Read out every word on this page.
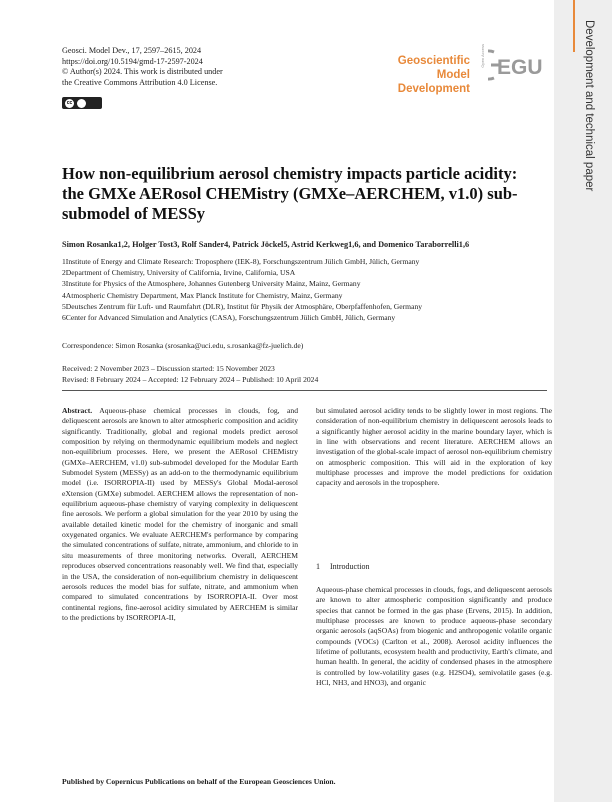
Development and technical paper
Geosci. Model Dev., 17, 2597–2615, 2024
https://doi.org/10.5194/gmd-17-2597-2024
© Author(s) 2024. This work is distributed under
the Creative Commons Attribution 4.0 License.
cc
Geoscientific
Model Development
Open Access EGU
How non-equilibrium aerosol chemistry impacts particle acidity: the GMXe AERosol CHEMistry (GMXe–AERCHEM, v1.0) sub-submodel of MESSy
Simon Rosanka1,2, Holger Tost3, Rolf Sander4, Patrick Jöckel5, Astrid Kerkweg1,6, and Domenico Taraborrelli1,6
1Institute of Energy and Climate Research: Troposphere (IEK-8), Forschungszentrum Jülich GmbH, Jülich, Germany
2Department of Chemistry, University of California, Irvine, California, USA
3Institute for Physics of the Atmosphere, Johannes Gutenberg University Mainz, Mainz, Germany
4Atmospheric Chemistry Department, Max Planck Institute for Chemistry, Mainz, Germany
5Deutsches Zentrum für Luft- und Raumfahrt (DLR), Institut für Physik der Atmosphäre, Oberpfaffenhofen, Germany
6Center for Advanced Simulation and Analytics (CASA), Forschungszentrum Jülich GmbH, Jülich, Germany
Correspondence: Simon Rosanka (srosanka@uci.edu, s.rosanka@fz-juelich.de)
Received: 2 November 2023 – Discussion started: 15 November 2023
Revised: 8 February 2024 – Accepted: 12 February 2024 – Published: 10 April 2024
Abstract. Aqueous-phase chemical processes in clouds, fog, and deliquescent aerosols are known to alter atmospheric composition and acidity significantly. Traditionally, global and regional models predict aerosol composition by relying on thermodynamic equilibrium models and neglect non-equilibrium processes. Here, we present the AERosol CHEMistry (GMXe–AERCHEM, v1.0) sub-submodel developed for the Modular Earth Submodel System (MESSy) as an add-on to the thermodynamic equilibrium model (i.e. ISORROPIA-II) used by MESSy's Global Modal-aerosol eXtension (GMXe) submodel. AERCHEM allows the representation of non-equilibrium aqueous-phase chemistry of varying complexity in deliquescent fine aerosols. We perform a global simulation for the year 2010 by using the available detailed kinetic model for the chemistry of inorganic and small oxygenated organics. We evaluate AERCHEM's performance by comparing the simulated concentrations of sulfate, nitrate, ammonium, and chloride to in situ measurements of three monitoring networks. Overall, AERCHEM reproduces observed concentrations reasonably well. We find that, especially in the USA, the consideration of non-equilibrium chemistry in deliquescent aerosols reduces the model bias for sulfate, nitrate, and ammonium when compared to simulated concentrations by ISORROPIA-II. Over most continental regions, fine-aerosol acidity simulated by AERCHEM is similar to the predictions by ISORROPIA-II,
but simulated aerosol acidity tends to be slightly lower in most regions. The consideration of non-equilibrium chemistry in deliquescent aerosols leads to a significantly higher aerosol acidity in the marine boundary layer, which is in line with observations and recent literature. AERCHEM allows an investigation of the global-scale impact of aerosol non-equilibrium chemistry on atmospheric composition. This will aid in the exploration of key multiphase processes and improve the model predictions for oxidation capacity and aerosols in the troposphere.
1 Introduction
Aqueous-phase chemical processes in clouds, fogs, and deliquescent aerosols are known to alter atmospheric composition significantly and produce species that cannot be formed in the gas phase (Ervens, 2015). In addition, multiphase processes are known to produce aqueous-phase secondary organic aerosols (aqSOAs) from biogenic and anthropogenic volatile organic compounds (VOCs) (Carlton et al., 2008). Aerosol acidity influences the lifetime of pollutants, ecosystem health and productivity, Earth's climate, and human health. In general, the acidity of condensed phases in the atmosphere is controlled by low-volatility gases (e.g. H2SO4), semivolatile gases (e.g. HCl, NH3, and HNO3), and organic
Published by Copernicus Publications on behalf of the European Geosciences Union.
